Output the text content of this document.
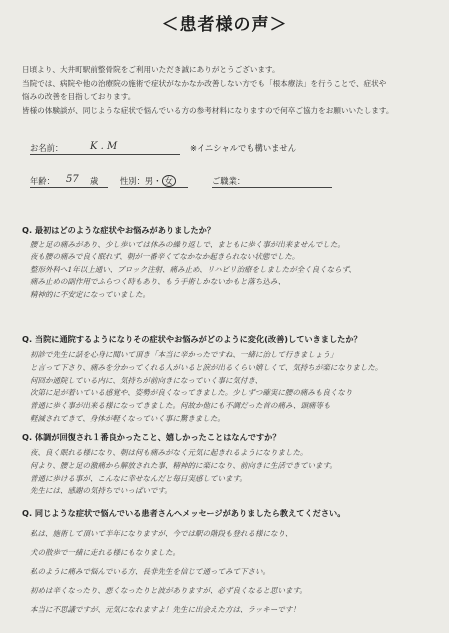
＜患者様の声＞
日頃より、大井町駅前整骨院をご利用いただき誠にありがとうございます。
当院では、病院や他の治療院の施術で症状がなかなか改善しない方でも「根本療法」を行うことで、症状や
悩みの改善を目指しております。
皆様の体験談が、同じような症状で悩んでいる方の参考材料になりますので何卒ご協力をお願いいたします。
お名前：	K . M	※イニシャルでも構いません
年齢： 57 歳	性別：男・ 女	ご職業：
Q. 最初はどのような症状やお悩みがありましたか？
腰と足の痛みがあり、少し歩いては休みの繰り返しで、まともに歩く事が出来ませんでした。
夜も腰の痛みで良く眠れず、朝が一番辛くてなかなか起きられない状態でした。
整形外科へ1年以上通い、ブロック注射、痛み止め、リハビリ治療をしましたが全く良くならず、
痛み止めの副作用でふらつく時もあり、もう手術しかないかもと落ち込み、
精神的に不安定になっていました。
Q. 当院に通院するようになりその症状やお悩みがどのように変化(改善)していきましたか？
初診で先生に話を心身に聞いて頂き「本当に辛かったですね、一緒に治して行きましょう」
と言って下さり、痛みを分かってくれる人がいると涙が出るくらい嬉しくて、気持ちが楽になりました。
何回か通院している内に、気持ちが前向きになっていく事に気付き、
次第に足が着いている感覚や、姿勢が良くなってきました。少しずつ確実に腰の痛みも良くなり
普通に歩く事が出来る様になってきました。何故か他にも不調だった首の痛み、頭痛等も
軽減されてきて、身体が軽くなっていく事に驚きました。
Q. 体調が回復され１番良かったこと、嬉しかったことはなんですか？
夜、良く眠れる様になり、朝は何も痛みがなく元気に起きれるようになりました。
何より、腰と足の激痛から解放された事、精神的に楽になり、前向きに生活できています。
普通に歩ける事が、こんなに幸せなんだと毎日実感しています。
先生には、感謝の気持ちでいっぱいです。
Q. 同じような症状で悩んでいる患者さんへメッセージがありましたら教えてください。
私は、施術して頂いて半年になりますが、今では駅の階段も登れる様になり、
犬の散歩で一緒に走れる様にもなりました。
私のように痛みで悩んでいる方、長非先生を信じて通ってみて下さい。
初めは辛くなったり、悪くなったりと波がありますが、必ず良くなると思います。
本当に不思議ですが、元気になれますよ！先生に出会えた方は、ラッキーです！
